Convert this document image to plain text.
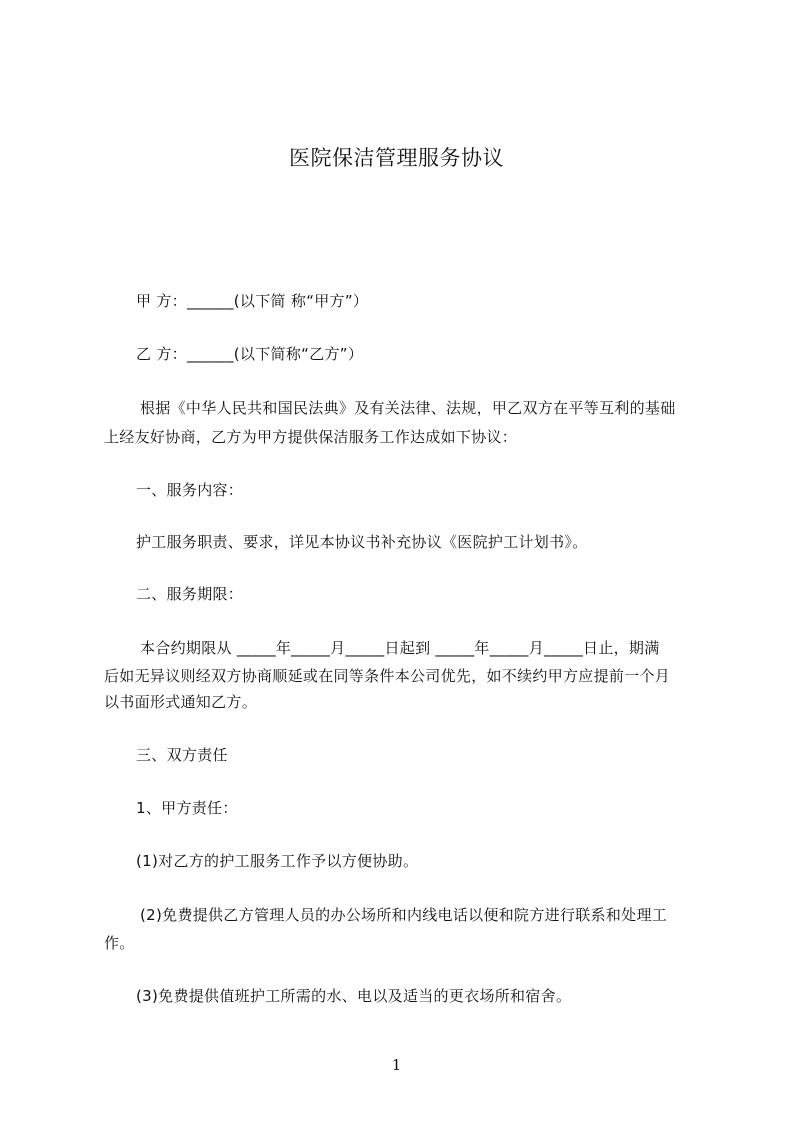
医院保洁管理服务协议
甲 方：______(以下简 称“甲方”）
乙 方：______(以下简称“乙方”）
根据《中华人民共和国民法典》及有关法律、法规，甲乙双方在平等互利的基础
上经友好协商，乙方为甲方提供保洁服务工作达成如下协议：
一、服务内容：
护工服务职责、要求，详见本协议书补充协议《医院护工计划书》。
二、服务期限：
本合约期限从 _____年_____月_____日起到 _____年_____月_____日止，期满
后如无异议则经双方协商顺延或在同等条件本公司优先，如不续约甲方应提前一个月
以书面形式通知乙方。
三、双方责任
1、甲方责任：
(1)对乙方的护工服务工作予以方便协助。
(2)免费提供乙方管理人员的办公场所和内线电话以便和院方进行联系和处理工
作。
(3)免费提供值班护工所需的水、电以及适当的更衣场所和宿舍。
1
